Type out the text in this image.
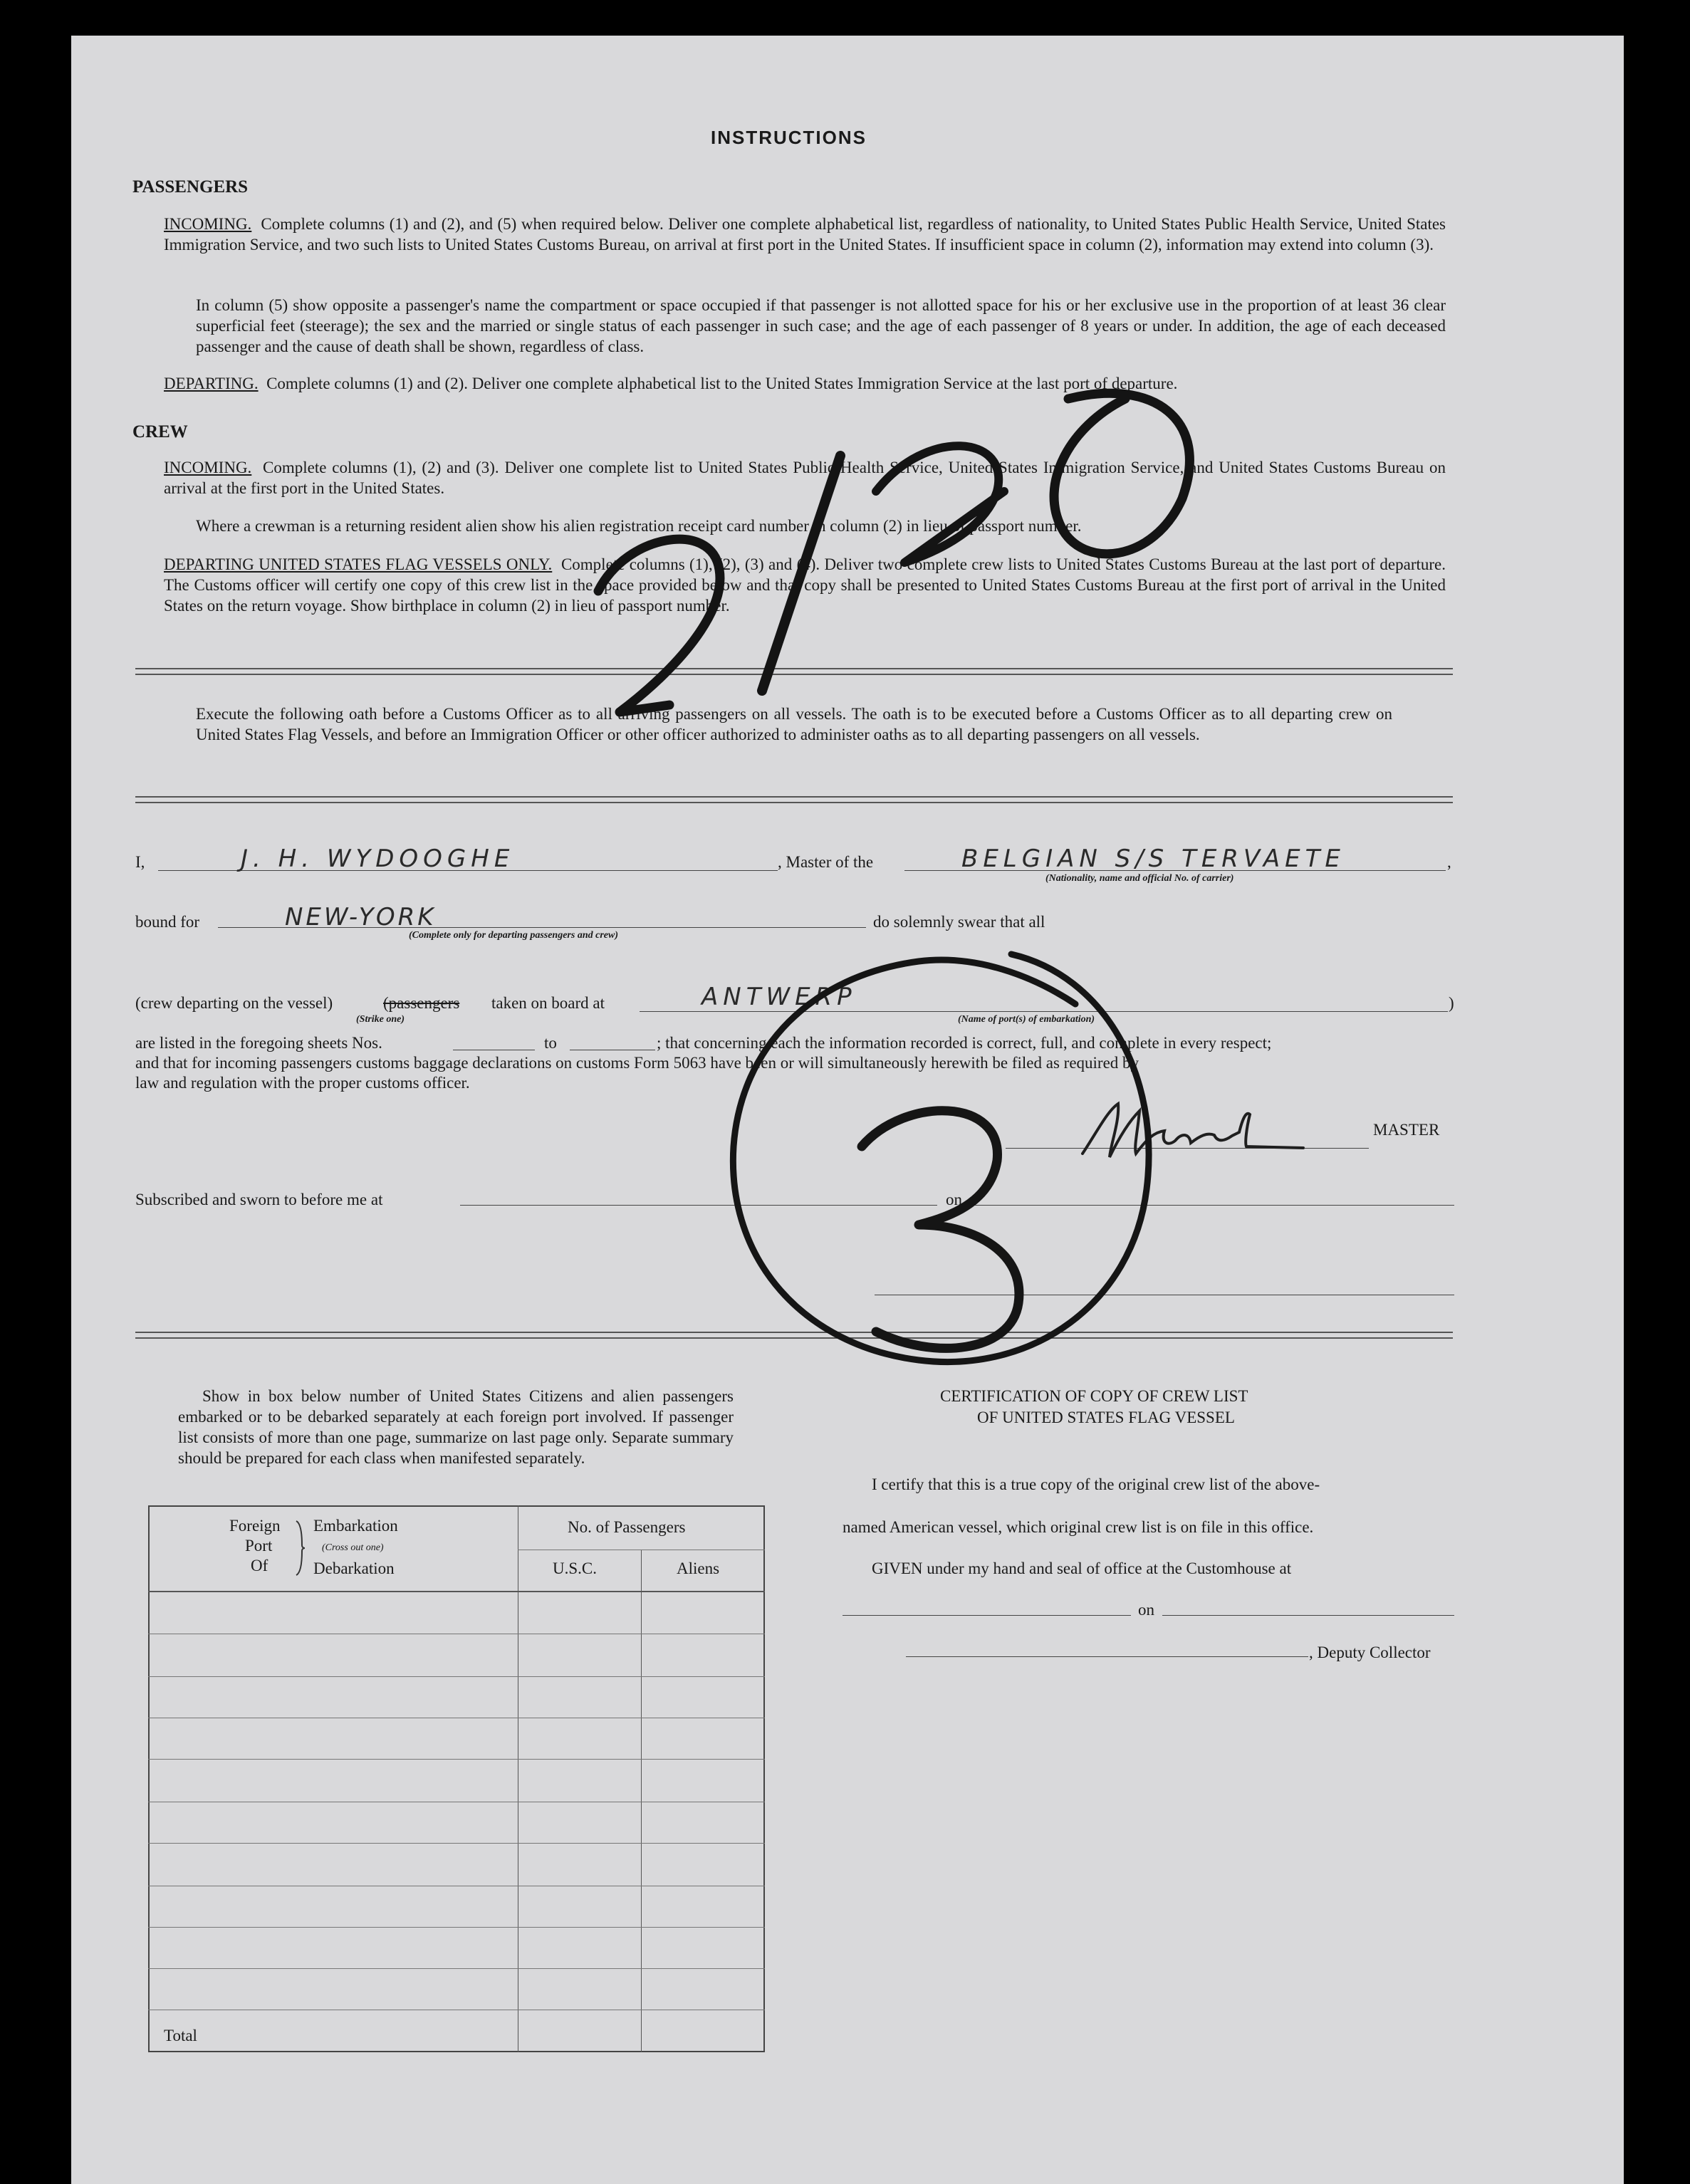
INSTRUCTIONS
PASSENGERS
INCOMING. Complete columns (1) and (2), and (5) when required below. Deliver one complete alphabetical list, regardless of nationality, to United States Public Health Service, United States Immigration Service, and two such lists to United States Customs Bureau, on arrival at first port in the United States. If insufficient space in column (2), information may extend into column (3).
In column (5) show opposite a passenger's name the compartment or space occupied if that passenger is not allotted space for his or her exclusive use in the proportion of at least 36 clear superficial feet (steerage); the sex and the married or single status of each passenger in such case; and the age of each passenger of 8 years or under. In addition, the age of each deceased passenger and the cause of death shall be shown, regardless of class.
DEPARTING. Complete columns (1) and (2). Deliver one complete alphabetical list to the United States Immigration Service at the last port of departure.
CREW
INCOMING. Complete columns (1), (2) and (3). Deliver one complete list to United States Public Health Service, United States Immigration Service, and United States Customs Bureau on arrival at the first port in the United States.
Where a crewman is a returning resident alien show his alien registration receipt card number in column (2) in lieu of passport number.
DEPARTING UNITED STATES FLAG VESSELS ONLY. Complete columns (1), (2), (3) and (4). Deliver two complete crew lists to United States Customs Bureau at the last port of departure. The Customs officer will certify one copy of this crew list in the space provided below and that copy shall be presented to United States Customs Bureau at the first port of arrival in the United States on the return voyage. Show birthplace in column (2) in lieu of passport number.
Execute the following oath before a Customs Officer as to all arriving passengers on all vessels. The oath is to be executed before a Customs Officer as to all departing crew on United States Flag Vessels, and before an Immigration Officer or other officer authorized to administer oaths as to all departing passengers on all vessels.
I,	J. H. WYDOOGHE	, Master of the	BELGIAN S/S TERVAETE	,
(Nationality, name and official No. of carrier)
bound for	NEW-YORK
(Complete only for departing passengers and crew)
do solemnly swear that all
(crew departing on the vessel)	(passengers taken on board at	ANTWERP	)
(Strike one)	(Name of port(s) of embarkation)
are listed in the foregoing sheets Nos.	to	; that concerning each the information recorded is correct, full, and complete in every respect;
and that for incoming passengers customs baggage declarations on customs Form 5063 have been or will simultaneously herewith be filed as required by
law and regulation with the proper customs officer.
MASTER
Subscribed and sworn to before me at	on
Show in box below number of United States Citizens and alien passengers embarked or to be debarked separately at each foreign port involved. If passenger list consists of more than one page, summarize on last page only. Separate summary should be prepared for each class when manifested separately.
Foreign
Port
Of
Embarkation
(Cross out one)
Debarkation
No. of Passengers
U.S.C.	Aliens
Total
CERTIFICATION OF COPY OF CREW LIST
OF UNITED STATES FLAG VESSEL
I certify that this is a true copy of the original crew list of the above-
named American vessel, which original crew list is on file in this office.
GIVEN under my hand and seal of office at the Customhouse at
on
, Deputy Collector
